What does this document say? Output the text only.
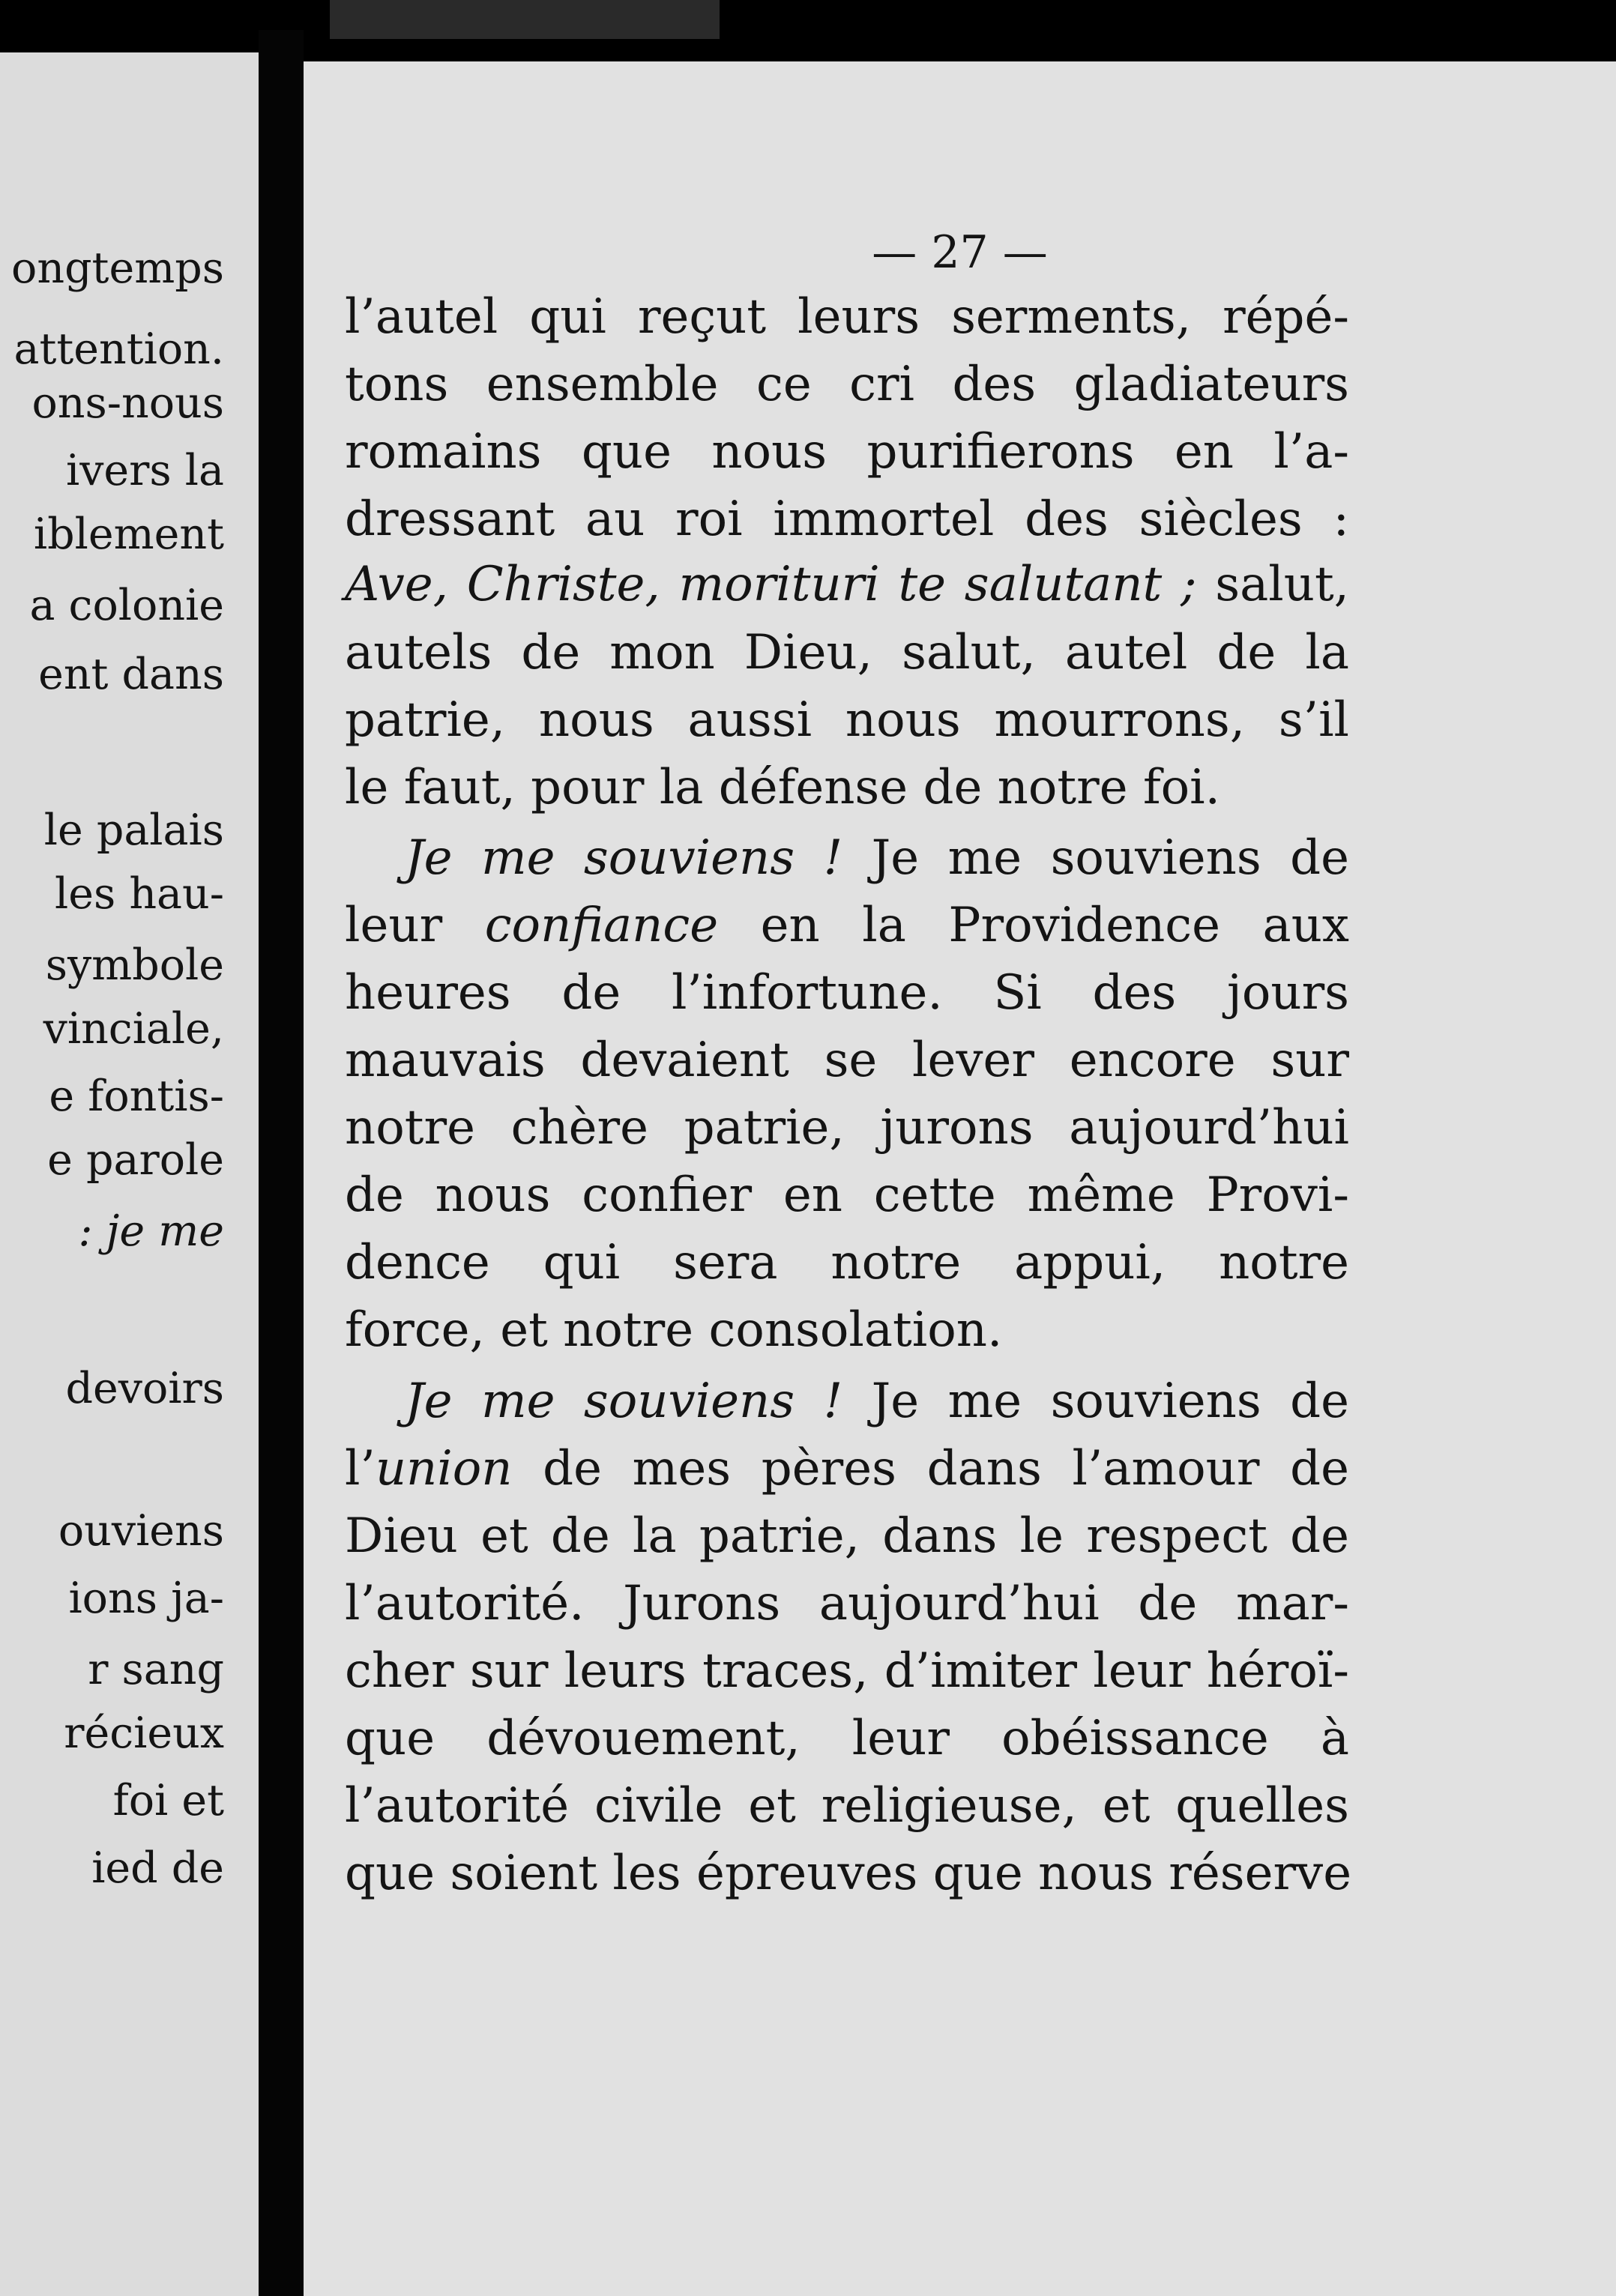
ongtemps
attention.
ons-nous
ivers la
iblement
a colonie
ent dans
le palais
les hau-
symbole
vinciale,
e fontis-
e parole
: je me
devoirs
ouviens
ions ja-
r sang
récieux
foi et
ied de
— 27 —
l’autel qui reçut leurs serments, répé-
tons ensemble ce cri des gladiateurs
romains que nous purifierons en l’a-
dressant au roi immortel des siècles :
Ave, Christe, morituri te salutant ; salut,
autels de mon Dieu, salut, autel de la
patrie, nous aussi nous mourrons, s’il
le faut, pour la défense de notre foi.
Je me souviens ! Je me souviens de
leur confiance en la Providence aux
heures de l’infortune. Si des jours
mauvais devaient se lever encore sur
notre chère patrie, jurons aujourd’hui
de nous confier en cette même Provi-
dence qui sera notre appui, notre
force, et notre consolation.
Je me souviens ! Je me souviens de
l’union de mes pères dans l’amour de
Dieu et de la patrie, dans le respect de
l’autorité. Jurons aujourd’hui de mar-
cher sur leurs traces, d’imiter leur héroï-
que dévouement, leur obéissance à
l’autorité civile et religieuse, et quelles
que soient les épreuves que nous réserve
